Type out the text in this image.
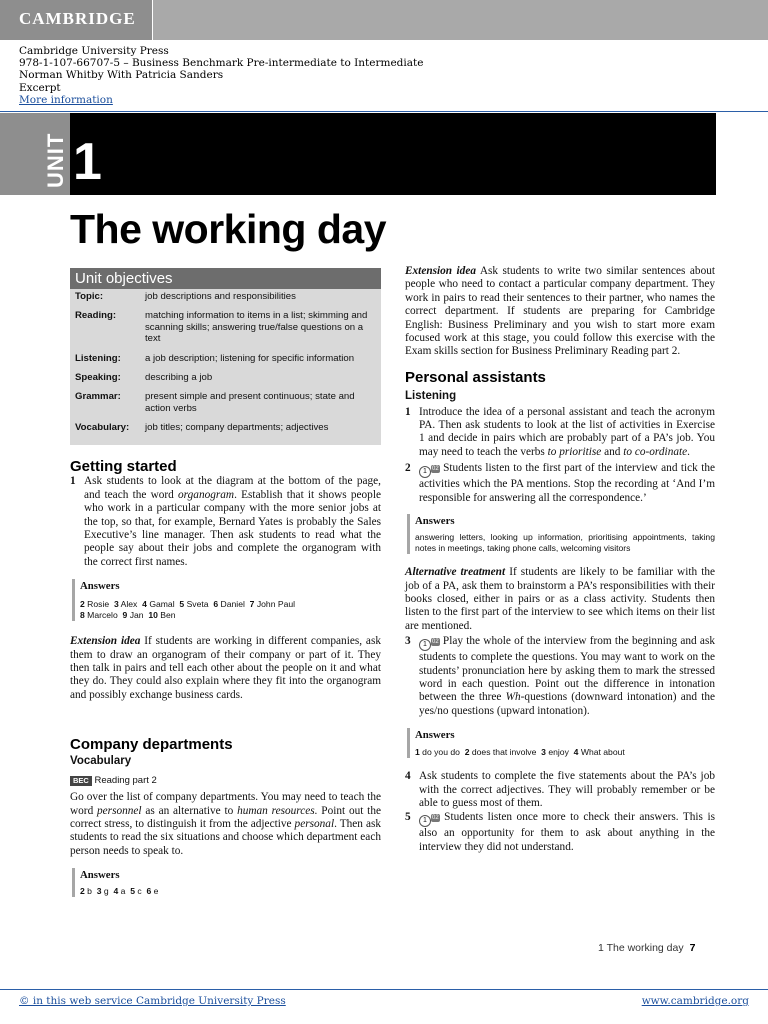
CAMBRIDGE
Cambridge University Press
978-1-107-66707-5 – Business Benchmark Pre-intermediate to Intermediate
Norman Whitby With Patricia Sanders
Excerpt
More information
UNIT 1
The working day
Unit objectives
Topic:	job descriptions and responsibilities
Reading:	matching information to items in a list; skimming and scanning skills; answering true/false questions on a text
Listening:	a job description; listening for specific information
Speaking:	describing a job
Grammar:	present simple and present continuous; state and action verbs
Vocabulary:	job titles; company departments; adjectives
Getting started
1 Ask students to look at the diagram at the bottom of the page, and teach the word organogram. Establish that it shows people who work in a particular company with the more senior jobs at the top, so that, for example, Bernard Yates is probably the Sales Executive’s line manager. Then ask students to read what the people say about their jobs and complete the organogram with the correct first names.
Answers
2 Rosie 3 Alex 4 Gamal 5 Sveta 6 Daniel 7 John Paul
8 Marcelo 9 Jan 10 Ben

Extension idea If students are working in different companies, ask them to draw an organogram of their company or part of it. They then talk in pairs and tell each other about the people on it and what they do. They could also explain where they fit into the organogram and possibly exchange business cards.

Company departments
Vocabulary
BEC Reading part 2

Go over the list of company departments. You may need to teach the word personnel as an alternative to human resources. Point out the correct stress, to distinguish it from the adjective personal. Then ask students to read the six situations and choose which department each person needs to speak to.

Answers
2 b 3 g 4 a 5 c 6 e

Extension idea Ask students to write two similar sentences about people who need to contact a particular company department. They work in pairs to read their sentences to their partner, who names the correct department. If students are preparing for Cambridge English: Business Preliminary and you wish to start more exam focused work at this stage, you could follow this exercise with the Exam skills section for Business Preliminary Reading part 2.

Personal assistants
Listening
1 Introduce the idea of a personal assistant and teach the acronym PA. Then ask students to look at the list of activities in Exercise 1 and decide in pairs which are probably part of a PA’s job. You may need to teach the verbs to prioritise and to co-ordinate.
2	1 02 Students listen to the first part of the interview and tick the activities which the PA mentions. Stop the recording at ‘And I’m responsible for answering all the correspondence.’
Answers
answering letters, looking up information, prioritising appointments, taking notes in meetings, taking phone calls, welcoming visitors

Alternative treatment If students are likely to be familiar with the job of a PA, ask them to brainstorm a PA’s responsibilities with their books closed, either in pairs or as a class activity. Students then listen to the first part of the interview to see which items on their list are mentioned.

3	1 02 Play the whole of the interview from the beginning and ask students to complete the questions. You may want to work on the students’ pronunciation here by asking them to mark the stressed word in each question. Point out the difference in intonation between the three Wh-questions (downward intonation) and the yes/no questions (upward intonation).
Answers
1 do you do 2 does that involve 3 enjoy 4 What about
4 Ask students to complete the five statements about the PA’s job with the correct adjectives. They will probably remember or be able to guess most of them.
5	1 02 Students listen once more to check their answers. This is also an opportunity for them to ask about anything in the interview they did not understand.
1 The working day 7
© in this web service Cambridge University Press	www.cambridge.org
